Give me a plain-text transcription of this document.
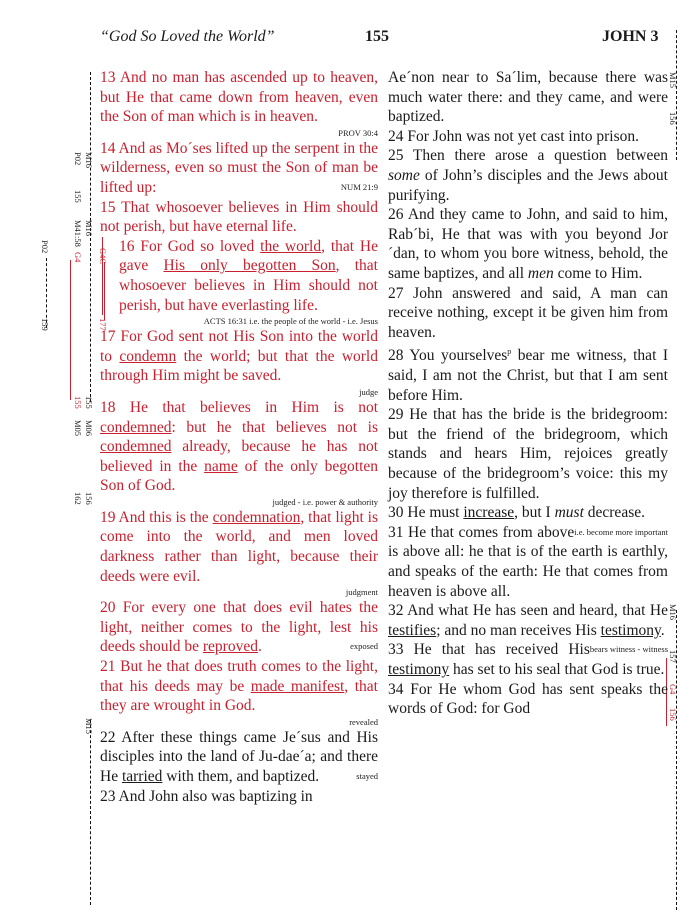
“God So Loved the World”	155	JOHN 3
M16
P02
155
M41:58 M16
G4
P02
159
G4C
177
155
155
M06
M05
156
162
M15
M15
156
M16
157
G4
156

13 And no man has ascended up to heaven, but He that came down from heaven, even the Son of man which is in heaven.

PROV 30:4

14 And as Mo´ses lifted up the serpent in the wilderness, even so must the Son of man be lifted up:	NUM 21:9

15 That whosoever believes in Him should not perish, but have eternal life.

16 For God so loved the world, that He gave His only begotten Son, that whosoever believes in Him should not perish, but have everlasting life.

ACTS 16:31 i.e. the people of the world - i.e. Jesus

17 For God sent not His Son into the world to condemn the world; but that the world through Him might be saved.

judge

18 He that believes in Him is not condemned: but he that believes not is condemned already, because he has not believed in the name of the only begotten Son of God.

judged - i.e. power & authority

19 And this is the condemnation, that light is come into the world, and men loved darkness rather than light, because their deeds were evil.

judgment

20 For every one that does evil hates the light, neither comes to the light, lest his deeds should be reproved.	exposed

21 But he that does truth comes to the light, that his deeds may be made manifest, that they are wrought in God.

revealed

22 After these things came Je´sus and His disciples into the land of Ju-dae´a; and there He tarried with them, and baptized.	stayed

23 And John also was baptizing in

Ae´non near to Sa´lim, because there was much water there: and they came, and were baptized.

24 For John was not yet cast into prison.

25 Then there arose a question between some of John’s disciples and the Jews about purifying.

26 And they came to John, and said to him, Rab´bi, He that was with you beyond Jor´dan, to whom you bore witness, behold, the same baptizes, and all men come to Him.

27 John answered and said, A man can receive nothing, except it be given him from heaven.

28 You yourselves$^p$ bear me witness, that I said, I am not the Christ, but that I am sent before Him.

29 He that has the bride is the bridegroom: but the friend of the bridegroom, which stands and hears Him, rejoices greatly because of the bridegroom’s voice: this my joy therefore is fulfilled.

30 He must increase, but I must decrease.
i.e. become more important

31 He that comes from above is above all: he that is of the earth is earthly, and speaks of the earth: He that comes from heaven is above all.

32 And what He has seen and heard, that He testifies; and no man receives His testimony.
bears witness - witness

33 He that has received His testimony has set to his seal that God is true.

34 For He whom God has sent speaks the words of God: for God
